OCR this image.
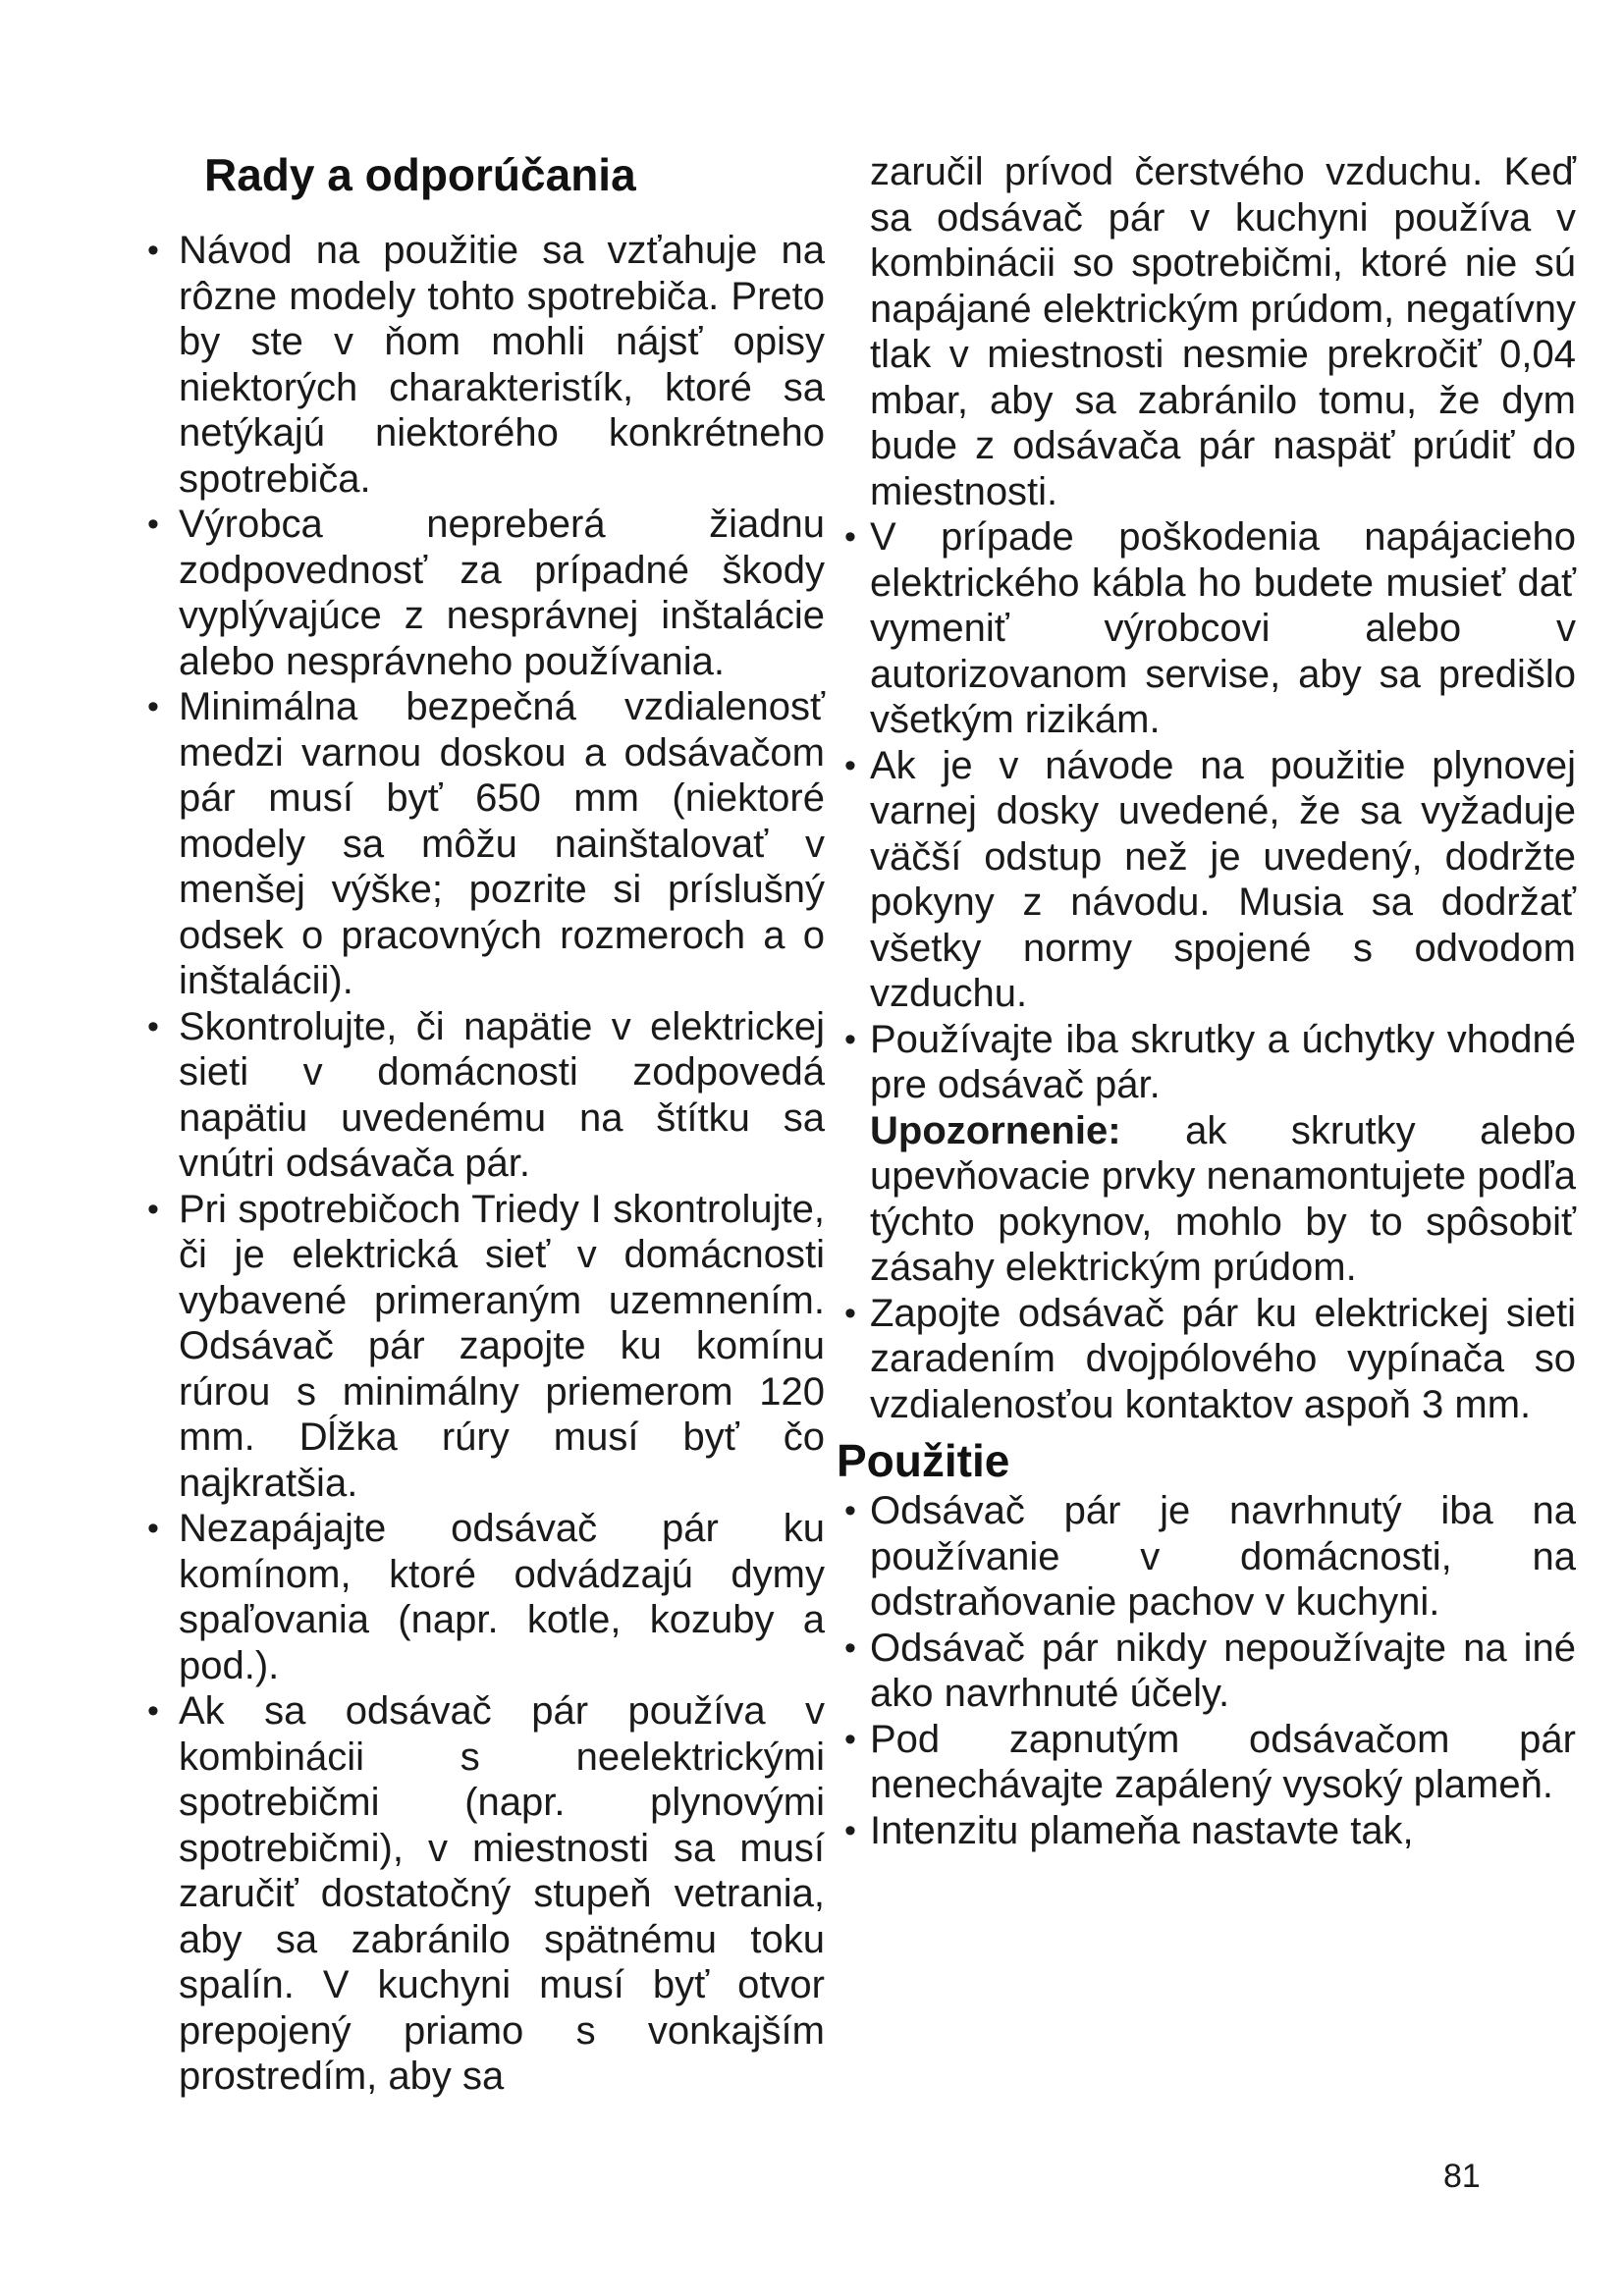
Rady a odporúčania
• Návod na použitie sa vzťahuje na rôzne modely tohto spotrebiča. Preto by ste v ňom mohli nájsť opisy niektorých charakteristík, ktoré sa netýkajú niektorého konkrétneho spotrebiča.
• Výrobca nepreberá žiadnu zodpovednosť za prípadné škody vyplývajúce z nesprávnej inštalácie alebo nesprávneho používania.
• Minimálna bezpečná vzdialenosť medzi varnou doskou a odsávačom pár musí byť 650 mm (niektoré modely sa môžu nainštalovať v menšej výške; pozrite si príslušný odsek o pracovných rozmeroch a o inštalácii).
• Skontrolujte, či napätie v elektrickej sieti v domácnosti zodpovedá napätiu uvedenému na štítku sa vnútri odsávača pár.
• Pri spotrebičoch Triedy I skontrolujte, či je elektrická sieť v domácnosti vybavené primeraným uzemnením. Odsávač pár zapojte ku komínu rúrou s minimálny priemerom 120 mm. Dĺžka rúry musí byť čo najkratšia.
• Nezapájajte odsávač pár ku komínom, ktoré odvádzajú dymy spaľovania (napr. kotle, kozuby a pod.).
• Ak sa odsávač pár používa v kombinácii s neelektrickými spotrebičmi (napr. plynovými spotrebičmi), v miestnosti sa musí zaručiť dostatočný stupeň vetrania, aby sa zabránilo spätnému toku spalín. V kuchyni musí byť otvor prepojený priamo s vonkajším prostredím, aby sa

zaručil prívod čerstvého vzduchu. Keď sa odsávač pár v kuchyni používa v kombinácii so spotrebičmi, ktoré nie sú napájané elektrickým prúdom, negatívny tlak v miestnosti nesmie prekročiť 0,04 mbar, aby sa zabránilo tomu, že dym bude z odsávača pár naspäť prúdiť do miestnosti.

• V prípade poškodenia napájacieho elektrického kábla ho budete musieť dať vymeniť výrobcovi alebo v autorizovanom servise, aby sa predišlo všetkým rizikám.
• Ak je v návode na použitie plynovej varnej dosky uvedené, že sa vyžaduje väčší odstup než je uvedený, dodržte pokyny z návodu. Musia sa dodržať všetky normy spojené s odvodom vzduchu.
• Používajte iba skrutky a úchytky vhodné pre odsávač pár.

Upozornenie: ak skrutky alebo upevňovacie prvky nenamontujete podľa týchto pokynov, mohlo by to spôsobiť zásahy elektrickým prúdom.

• Zapojte odsávač pár ku elektrickej sieti zaradením dvojpólového vypínača so vzdialenosťou kontaktov aspoň 3 mm.
Použitie
• Odsávač pár je navrhnutý iba na používanie v domácnosti, na odstraňovanie pachov v kuchyni.
• Odsávač pár nikdy nepoužívajte na iné ako navrhnuté účely.
• Pod zapnutým odsávačom pár nenechávajte zapálený vysoký plameň.
• Intenzitu plameňa nastavte tak,
81
